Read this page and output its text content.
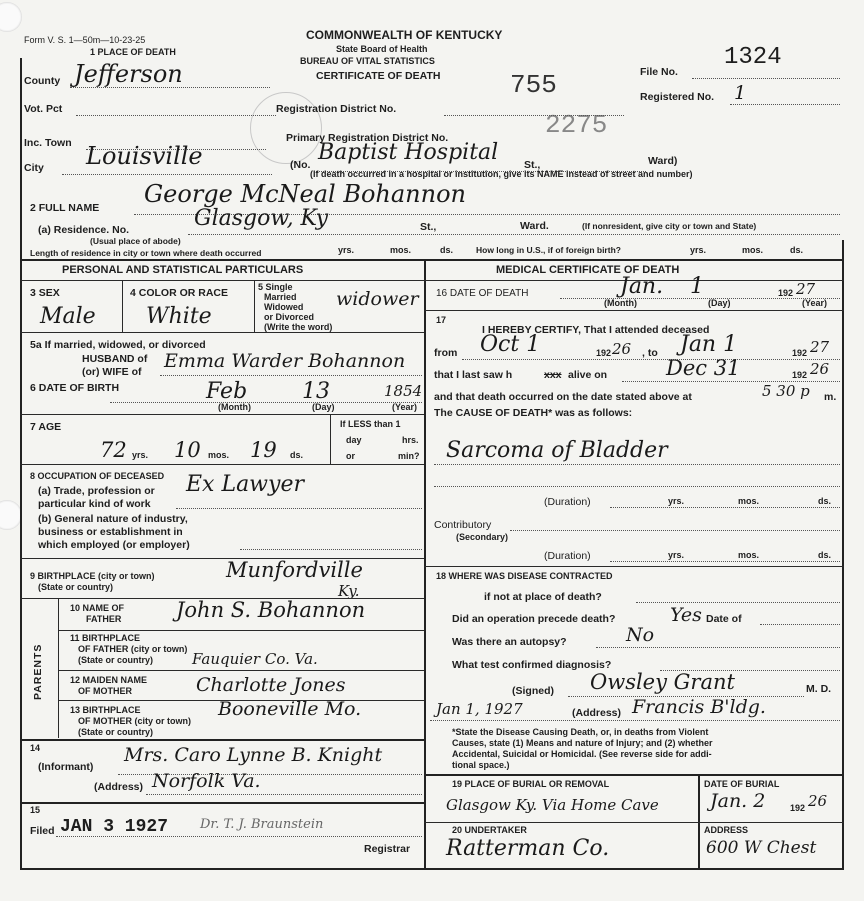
Form V. S. 1—50m—10-23-25
1 PLACE OF DEATH
COMMONWEALTH OF KENTUCKY
State Board of Health
BUREAU OF VITAL STATISTICS
CERTIFICATE OF DEATH	755
2275
File No.
1324
Registered No. 1
County Jefferson
Vot. Pct	Registration District No.
Inc. Town	Primary Registration District No.
City Louisville	(No. Baptist Hospital St.,	Ward)
(If death occurred in a hospital or institution, give its NAME instead of street and number)
2 FULL NAME George McNeal Bohannon
(a) Residence. No.	Glasgow, Ky	St.,	Ward.	(If nonresident, give city or town and State)
(Usual place of abode)
Length of residence in city or town where death occurred	yrs.	mos.	ds.	How long in U.S., if of foreign birth?	yrs.	mos.	ds.
PERSONAL AND STATISTICAL PARTICULARS
3 SEX
Male
4 COLOR OR RACE
White
5 Single
Married
Widowed
or Divorced
(Write the word)
widower
5a If married, widowed, or divorced
HUSBAND of
(or) WIFE of Emma Warder Bohannon
6 DATE OF BIRTH	Feb 13	1854
(Month)	(Day)	(Year)
7 AGE
72 yrs. 10 mos. 19 ds.
If LESS than 1
day	hrs.
or	min?
8 OCCUPATION OF DECEASED
(a) Trade, profession or
particular kind of work
Ex Lawyer
(b) General nature of industry,
business or establishment in
which employed (or employer)
9 BIRTHPLACE (city or town)
(State or country)
Munfordville
Ky.
PARENTS
10 NAME OF
FATHER	John S. Bohannon
11 BIRTHPLACE
OF FATHER (city or town)
(State or country)	Fauquier Co. Va.
12 MAIDEN NAME
OF MOTHER	Charlotte Jones
13 BIRTHPLACE
OF MOTHER (city or town)
(State or country)
Booneville Mo.
14
(Informant)
Mrs. Caro Lynne B. Knight
(Address) Norfolk Va.
15
Filed JAN 3 1927 Dr. T. J. Braunstein
Registrar
MEDICAL CERTIFICATE OF DEATH
16 DATE OF DEATH	Jan. 1	192 27
(Month)	(Day)	(Year)
17
I HEREBY CERTIFY, That I attended deceased
from Oct 1	192 26 , to Jan 1	192 27
that I last saw h	xxx alive on	Dec 31	192 26
and that death occurred on the date stated above at	5 30 p m.
The CAUSE OF DEATH* was as follows:
Sarcoma of Bladder
(Duration)	yrs.	mos.	ds.
Contributory
(Secondary)
(Duration)	yrs.	mos.	ds.
18 WHERE WAS DISEASE CONTRACTED
if not at place of death?
Did an operation precede death?	Yes Date of
Was there an autopsy?	No
What test confirmed diagnosis?
(Signed) Owsley Grant	M. D.
Jan 1, 1927	(Address) Francis B'ldg.
*State the Disease Causing Death, or, in deaths from Violent
Causes, state (1) Means and nature of Injury; and (2) whether
Accidental, Suicidal or Homicidal. (See reverse side for addi-
tional space.)
19 PLACE OF BURIAL OR REMOVAL
Glasgow Ky. Via Home Cave
DATE OF BURIAL
Jan. 2	192 26
20 UNDERTAKER
Ratterman Co.
ADDRESS
600 W Chest
